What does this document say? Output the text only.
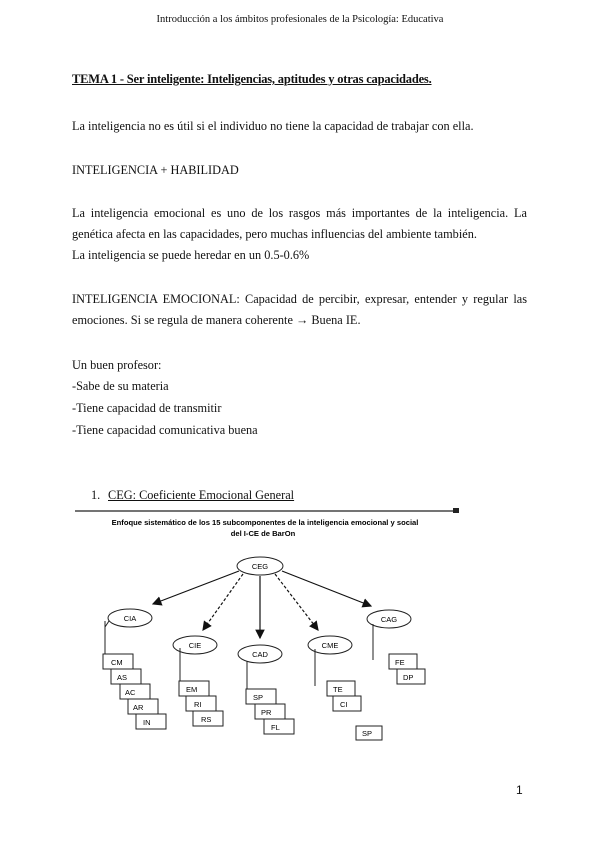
Introducción a los ámbitos profesionales de la Psicología: Educativa
TEMA 1 - Ser inteligente: Inteligencias, aptitudes y otras capacidades.
La inteligencia no es útil si el individuo no tiene la capacidad de trabajar con ella.
INTELIGENCIA + HABILIDAD
La inteligencia emocional es uno de los rasgos más importantes de la inteligencia. La genética afecta en las capacidades, pero muchas influencias del ambiente también.
La inteligencia se puede heredar en un 0.5-0.6%
INTELIGENCIA EMOCIONAL: Capacidad de percibir, expresar, entender y regular las emociones. Si se regula de manera coherente → Buena IE.
Un buen profesor:
-Sabe de su materia
-Tiene capacidad de transmitir
-Tiene capacidad comunicativa buena
1. CEG: Coeficiente Emocional General
Enfoque sistemático de los 15 subcomponentes de la inteligencia emocional y social
del I-CE de BarOn
CEG
CIA
CM
AS
AC
AR
IN
CIE
EM
RI
RS
CAD
SP
PR
FL
CME
TE
CI
CAG
FE
DP
SP
1
